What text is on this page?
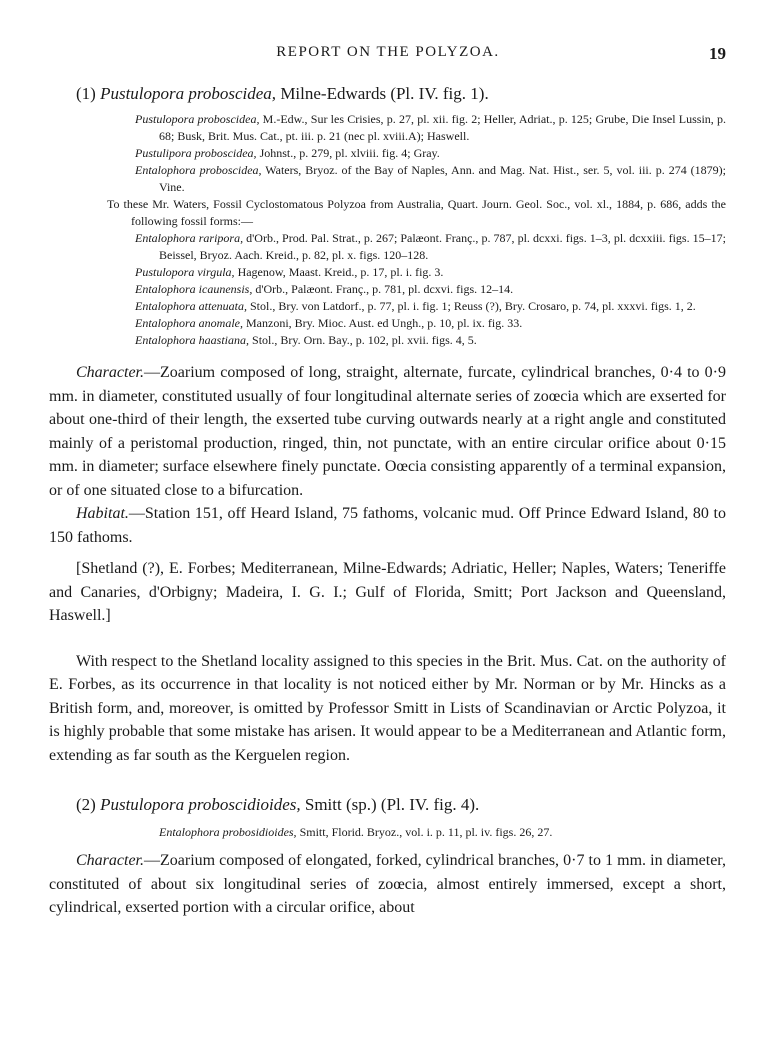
REPORT ON THE POLYZOA.	19
(1) Pustulopora proboscidea, Milne-Edwards (Pl. IV. fig. 1).

Pustulopora proboscidea, M.-Edw., Sur les Crisies, p. 27, pl. xii. fig. 2; Heller, Adriat., p. 125; Grube, Die Insel Lussin, p. 68; Busk, Brit. Mus. Cat., pt. iii. p. 21 (nec pl. xviii.A); Haswell.

Pustulipora proboscidea, Johnst., p. 279, pl. xlviii. fig. 4; Gray.

Entalophora proboscidea, Waters, Bryoz. of the Bay of Naples, Ann. and Mag. Nat. Hist., ser. 5, vol. iii. p. 274 (1879); Vine.

To these Mr. Waters, Fossil Cyclostomatous Polyzoa from Australia, Quart. Journ. Geol. Soc., vol. xl., 1884, p. 686, adds the following fossil forms:—

Entalophora raripora, d'Orb., Prod. Pal. Strat., p. 267; Palæont. Franç., p. 787, pl. dcxxi. figs. 1–3, pl. dcxxiii. figs. 15–17; Beissel, Bryoz. Aach. Kreid., p. 82, pl. x. figs. 120–128.

Pustulopora virgula, Hagenow, Maast. Kreid., p. 17, pl. i. fig. 3.

Entalophora icaunensis, d'Orb., Palæont. Franç., p. 781, pl. dcxvi. figs. 12–14.

Entalophora attenuata, Stol., Bry. von Latdorf., p. 77, pl. i. fig. 1; Reuss (?), Bry. Crosaro, p. 74, pl. xxxvi. figs. 1, 2.

Entalophora anomale, Manzoni, Bry. Mioc. Aust. ed Ungh., p. 10, pl. ix. fig. 33.

Entalophora haastiana, Stol., Bry. Orn. Bay., p. 102, pl. xvii. figs. 4, 5.

Character.—Zoarium composed of long, straight, alternate, furcate, cylindrical branches, 0·4 to 0·9 mm. in diameter, constituted usually of four longitudinal alternate series of zoœcia which are exserted for about one-third of their length, the exserted tube curving outwards nearly at a right angle and constituted mainly of a peristomal production, ringed, thin, not punctate, with an entire circular orifice about 0·15 mm. in diameter; surface elsewhere finely punctate. Oœcia consisting apparently of a terminal expansion, or of one situated close to a bifurcation.

Habitat.—Station 151, off Heard Island, 75 fathoms, volcanic mud. Off Prince Edward Island, 80 to 150 fathoms.

[Shetland (?), E. Forbes; Mediterranean, Milne-Edwards; Adriatic, Heller; Naples, Waters; Teneriffe and Canaries, d'Orbigny; Madeira, I. G. I.; Gulf of Florida, Smitt; Port Jackson and Queensland, Haswell.]

With respect to the Shetland locality assigned to this species in the Brit. Mus. Cat. on the authority of E. Forbes, as its occurrence in that locality is not noticed either by Mr. Norman or by Mr. Hincks as a British form, and, moreover, is omitted by Professor Smitt in Lists of Scandinavian or Arctic Polyzoa, it is highly probable that some mistake has arisen. It would appear to be a Mediterranean and Atlantic form, extending as far south as the Kerguelen region.

(2) Pustulopora proboscidioides, Smitt (sp.) (Pl. IV. fig. 4).

Entalophora probosidioides, Smitt, Florid. Bryoz., vol. i. p. 11, pl. iv. figs. 26, 27.

Character.—Zoarium composed of elongated, forked, cylindrical branches, 0·7 to 1 mm. in diameter, constituted of about six longitudinal series of zoœcia, almost entirely immersed, except a short, cylindrical, exserted portion with a circular orifice, about
